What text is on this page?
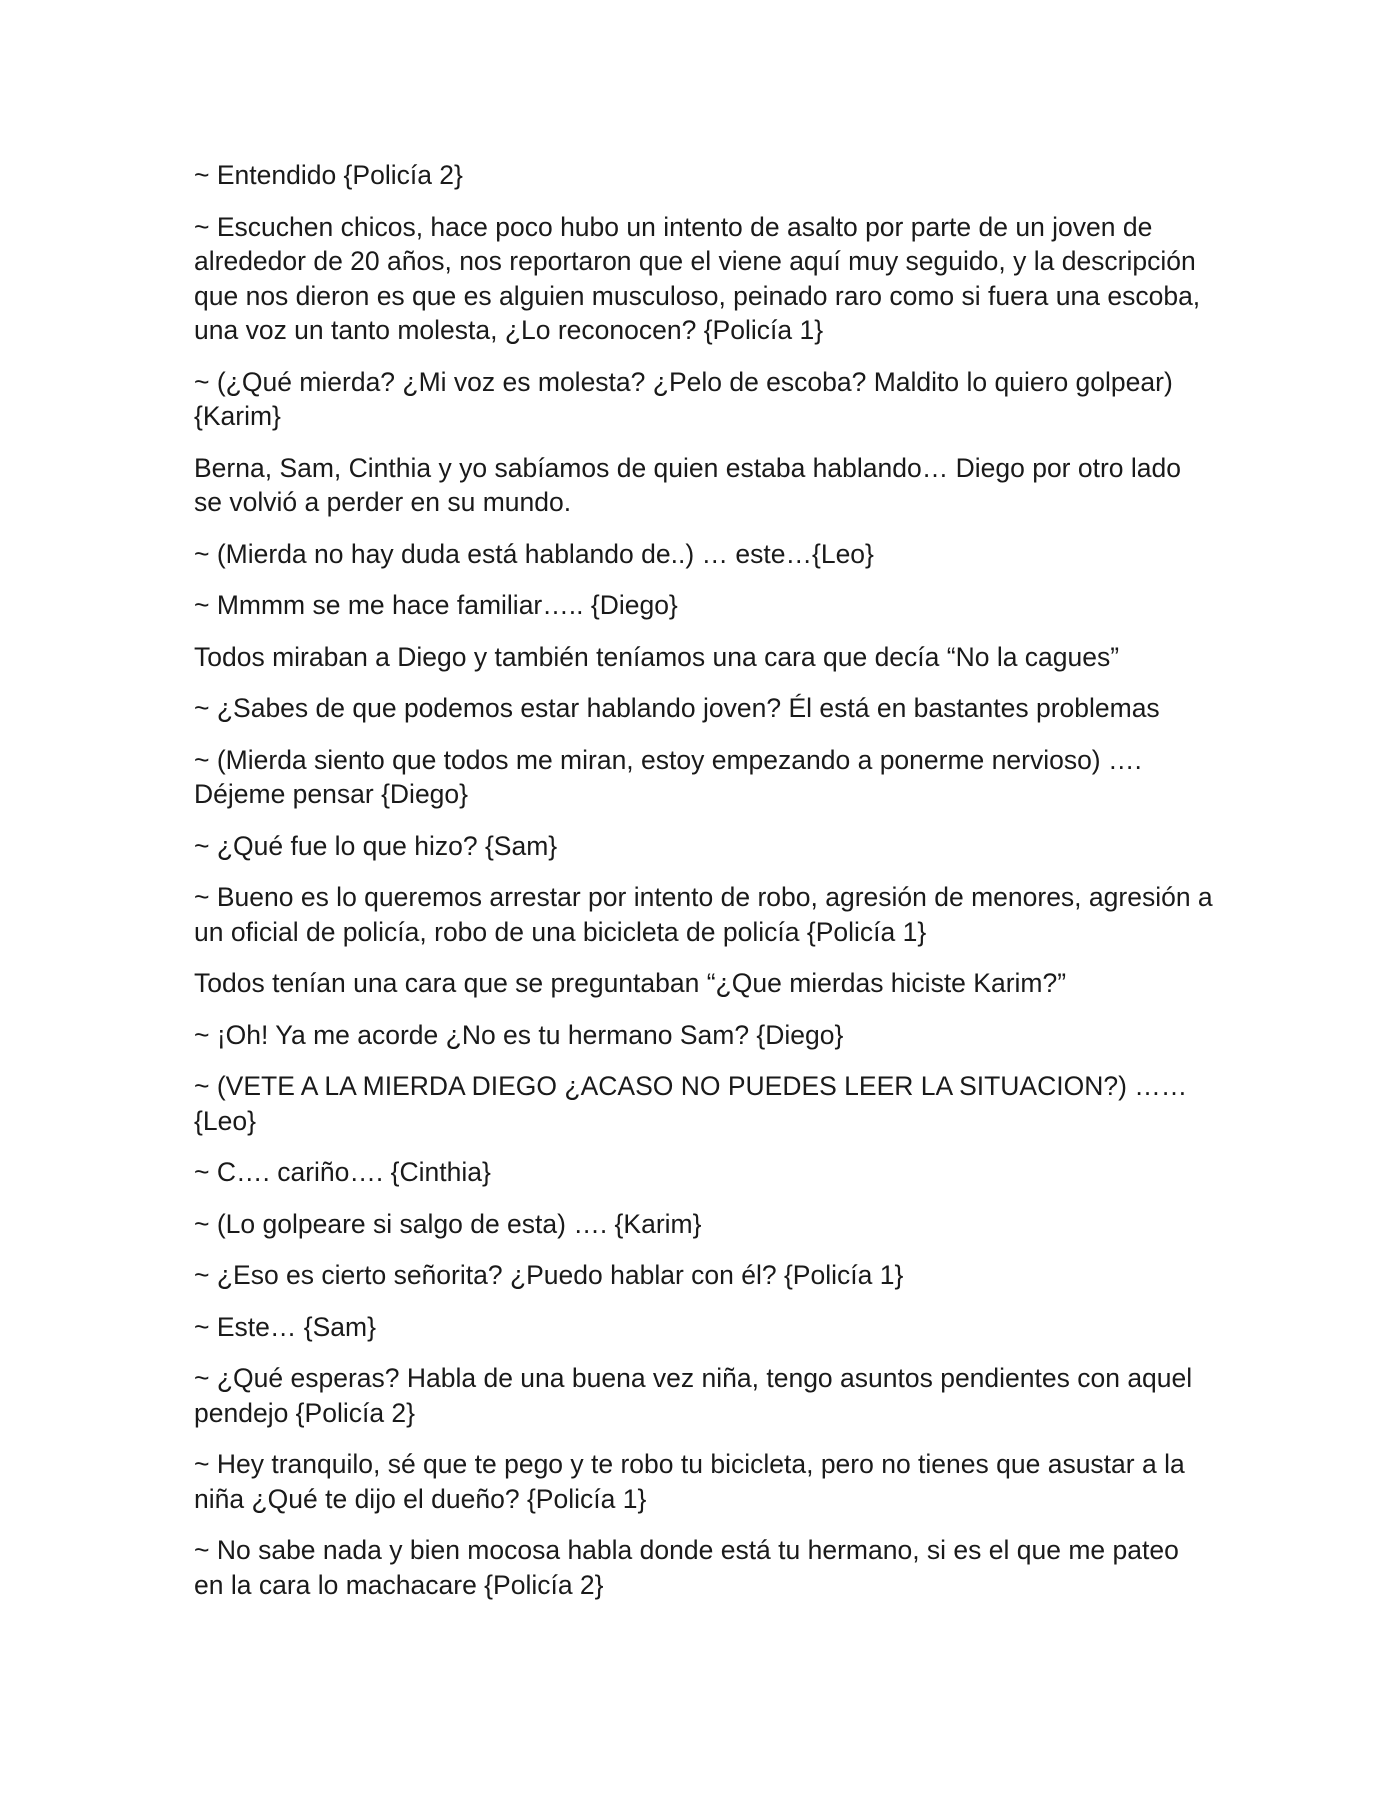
~ Entendido {Policía 2}

~ Escuchen chicos, hace poco hubo un intento de asalto por parte de un joven de alrededor de 20 años, nos reportaron que el viene aquí muy seguido, y la descripción que nos dieron es que es alguien musculoso, peinado raro como si fuera una escoba, una voz un tanto molesta, ¿Lo reconocen? {Policía 1}

~ (¿Qué mierda? ¿Mi voz es molesta? ¿Pelo de escoba? Maldito lo quiero golpear) {Karim}

Berna, Sam, Cinthia y yo sabíamos de quien estaba hablando… Diego por otro lado se volvió a perder en su mundo.

~ (Mierda no hay duda está hablando de..) … este…{Leo}

~ Mmmm se me hace familiar….. {Diego}

Todos miraban a Diego y también teníamos una cara que decía “No la cagues”

~ ¿Sabes de que podemos estar hablando joven? Él está en bastantes problemas

~ (Mierda siento que todos me miran, estoy empezando a ponerme nervioso) …. Déjeme pensar {Diego}

~ ¿Qué fue lo que hizo? {Sam}

~ Bueno es lo queremos arrestar por intento de robo, agresión de menores, agresión a un oficial de policía, robo de una bicicleta de policía {Policía 1}

Todos tenían una cara que se preguntaban “¿Que mierdas hiciste Karim?”

~ ¡Oh! Ya me acorde ¿No es tu hermano Sam? {Diego}

~ (VETE A LA MIERDA DIEGO ¿ACASO NO PUEDES LEER LA SITUACION?) ……{Leo}

~ C…. cariño…. {Cinthia}

~ (Lo golpeare si salgo de esta) …. {Karim}

~ ¿Eso es cierto señorita? ¿Puedo hablar con él? {Policía 1}

~ Este… {Sam}

~ ¿Qué esperas? Habla de una buena vez niña, tengo asuntos pendientes con aquel pendejo {Policía 2}

~ Hey tranquilo, sé que te pego y te robo tu bicicleta, pero no tienes que asustar a la niña ¿Qué te dijo el dueño? {Policía 1}

~ No sabe nada y bien mocosa habla donde está tu hermano, si es el que me pateo en la cara lo machacare {Policía 2}
